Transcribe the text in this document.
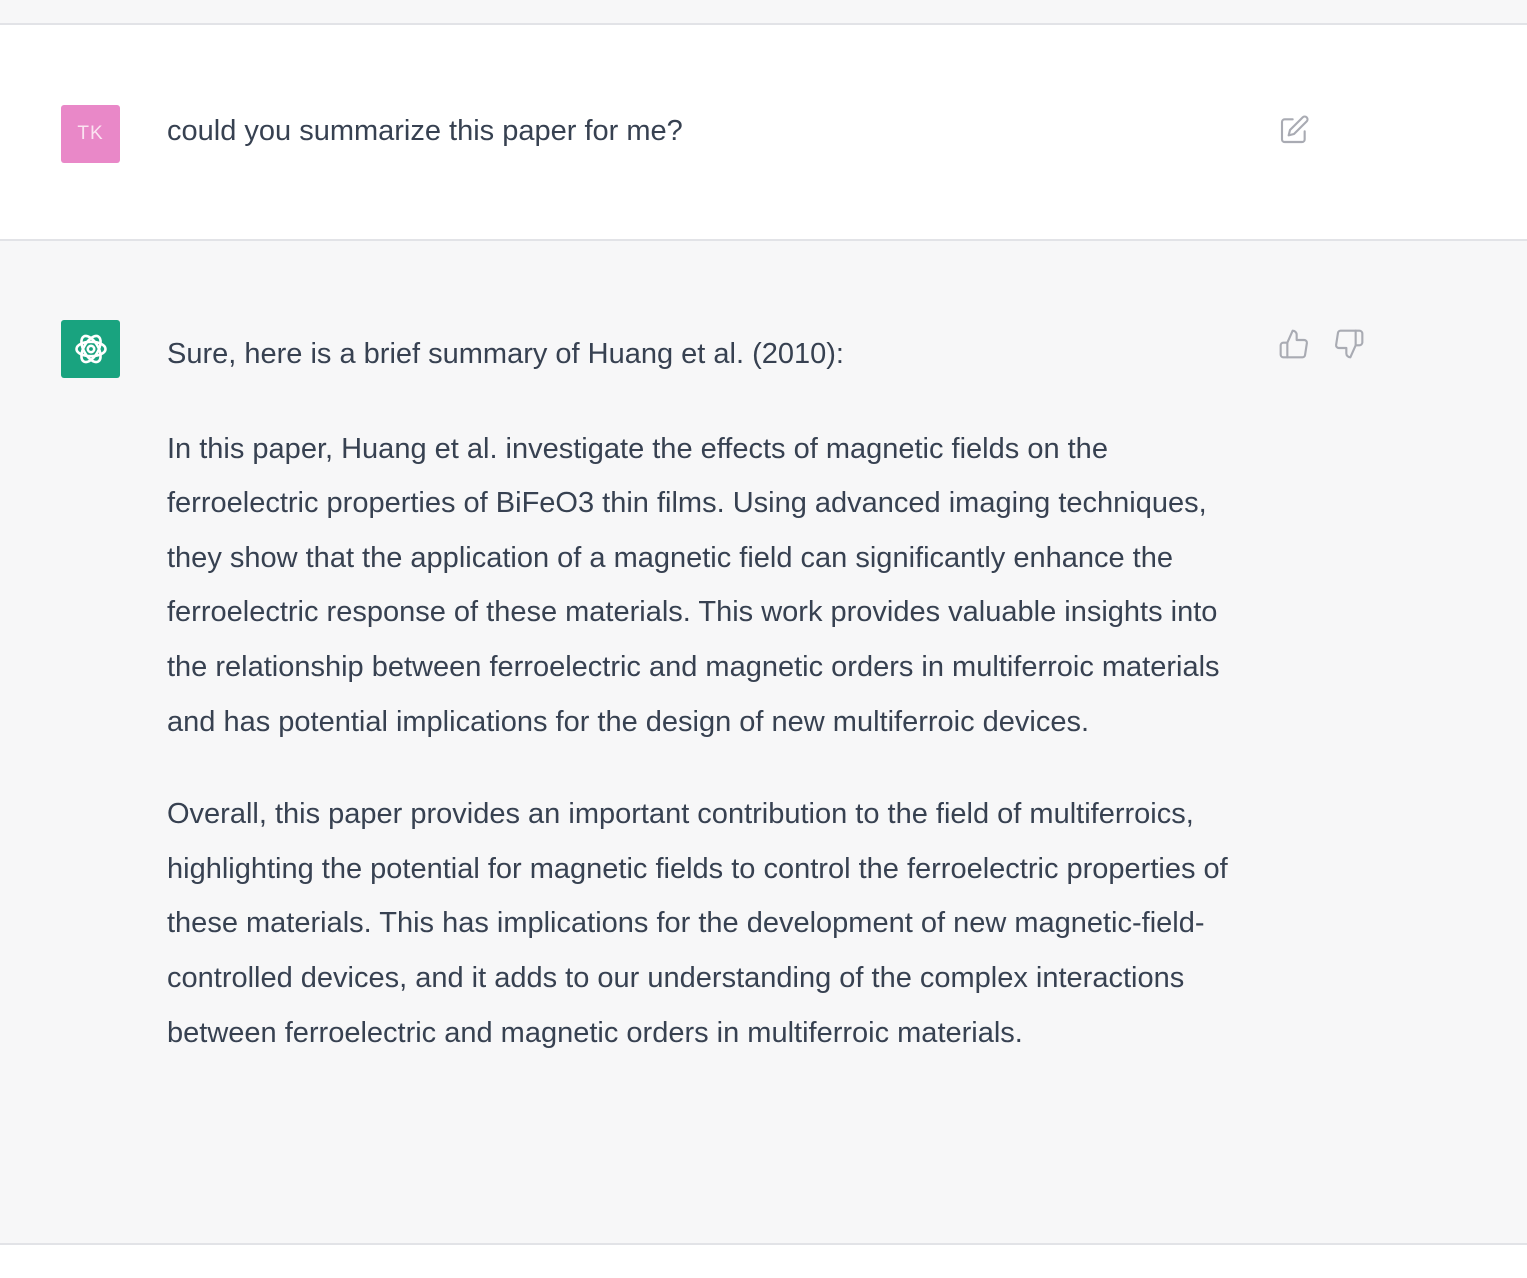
TK could you summarize this paper for me?

Sure, here is a brief summary of Huang et al. (2010):

In this paper, Huang et al. investigate the effects of magnetic fields on the ferroelectric properties of BiFeO3 thin films. Using advanced imaging techniques, they show that the application of a magnetic field can significantly enhance the ferroelectric response of these materials. This work provides valuable insights into the relationship between ferroelectric and magnetic orders in multiferroic materials and has potential implications for the design of new multiferroic devices.

Overall, this paper provides an important contribution to the field of multiferroics, highlighting the potential for magnetic fields to control the ferroelectric properties of these materials. This has implications for the development of new magnetic-field-controlled devices, and it adds to our understanding of the complex interactions between ferroelectric and magnetic orders in multiferroic materials.
